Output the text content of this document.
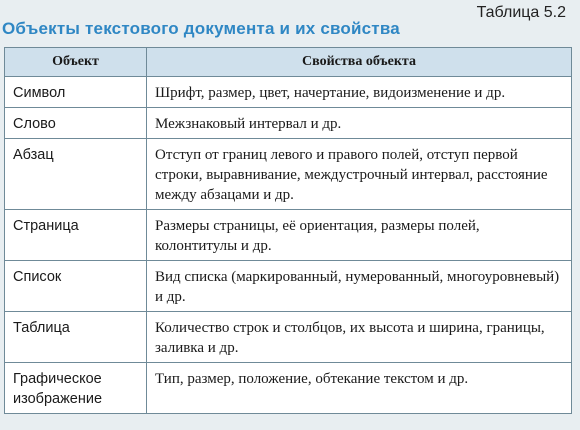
Таблица 5.2
Объекты текстового документа и их свойства
Объект	Свойства объекта
Символ	Шрифт, размер, цвет, начертание, видоизменение и др.
Слово	Межзнаковый интервал и др.
Абзац	Отступ от границ левого и правого полей, отступ первой строки, выравнивание, междустрочный интервал, расстояние между абзацами и др.
Страница	Размеры страницы, её ориентация, размеры полей, колонтитулы и др.
Список	Вид списка (маркированный, нумерованный, многоуровневый) и др.
Таблица	Количество строк и столбцов, их высота и ширина, границы, заливка и др.
Графическое изображение	Тип, размер, положение, обтекание текстом и др.
